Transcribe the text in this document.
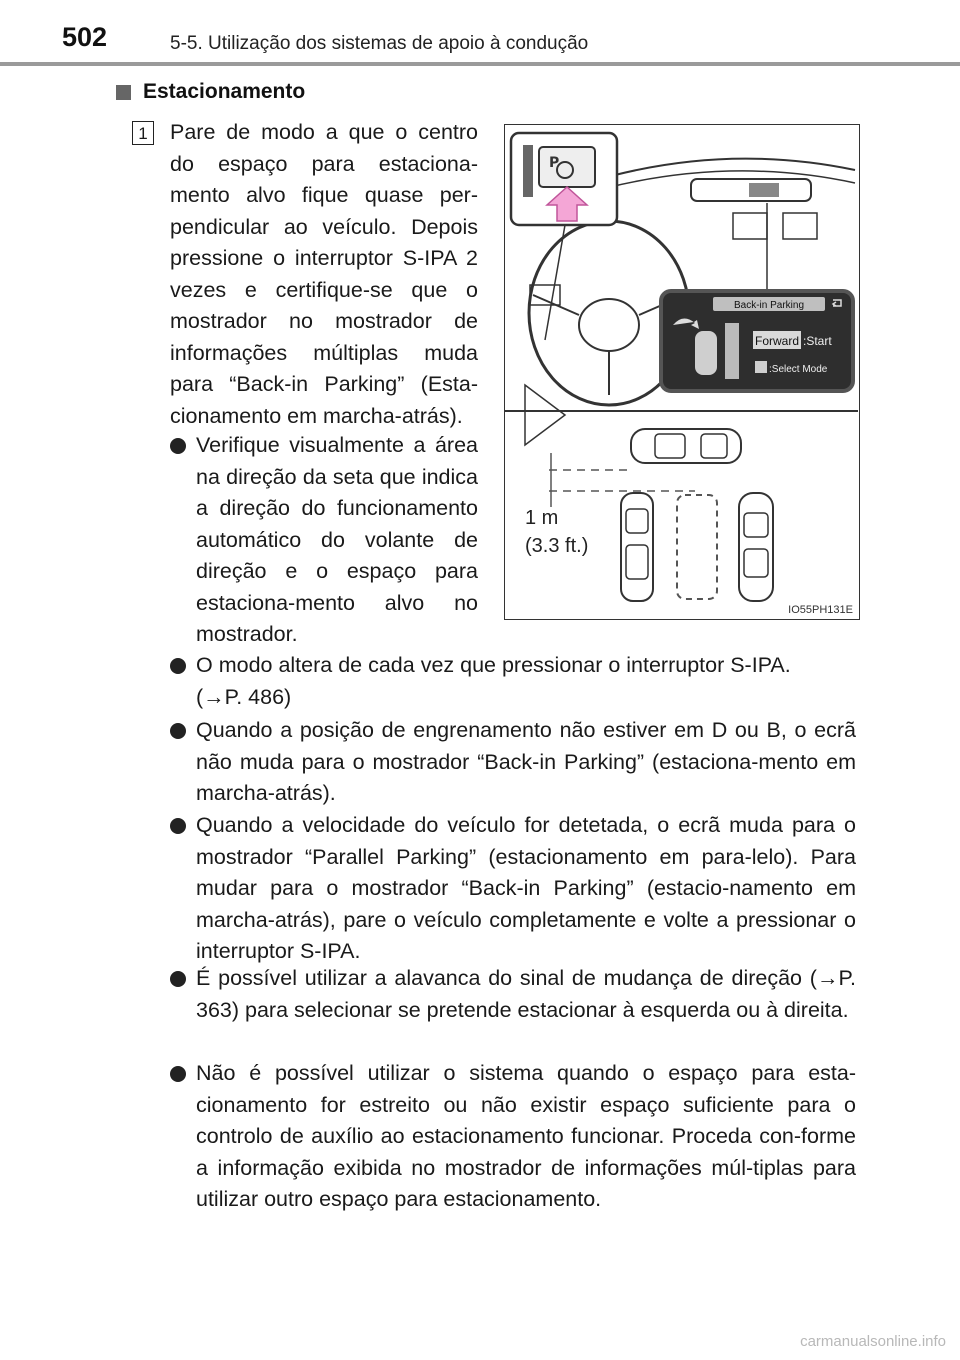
502	5-5. Utilização dos sistemas de apoio à condução
Estacionamento
1 Pare de modo a que o centro do espaço para estaciona-mento alvo fique quase per-pendicular ao veículo. Depois pressione o interruptor S-IPA 2 vezes e certifique-se que o mostrador no mostrador de informações múltiplas muda para “Back-in Parking” (Esta-cionamento em marcha-atrás).
Verifique visualmente a área na direção da seta que indica a direção do funcionamento automático do volante de direção e o espaço para estaciona-mento alvo no mostrador.
P
Back-in Parking
Forward :Start
:Select Mode
1 m
(3.3 ft.)
IO55PH131E
O modo altera de cada vez que pressionar o interruptor S-IPA.
(→P. 486)
Quando a posição de engrenamento não estiver em D ou B, o ecrã não muda para o mostrador “Back-in Parking” (estaciona-mento em marcha-atrás).
Quando a velocidade do veículo for detetada, o ecrã muda para o mostrador “Parallel Parking” (estacionamento em para-lelo). Para mudar para o mostrador “Back-in Parking” (estacio-namento em marcha-atrás), pare o veículo completamente e volte a pressionar o interruptor S-IPA.
É possível utilizar a alavanca do sinal de mudança de direção (→P. 363) para selecionar se pretende estacionar à esquerda ou à direita.
Não é possível utilizar o sistema quando o espaço para esta-cionamento for estreito ou não existir espaço suficiente para o controlo de auxílio ao estacionamento funcionar. Proceda con-forme a informação exibida no mostrador de informações múl-tiplas para utilizar outro espaço para estacionamento.
carmanualsonline.info
